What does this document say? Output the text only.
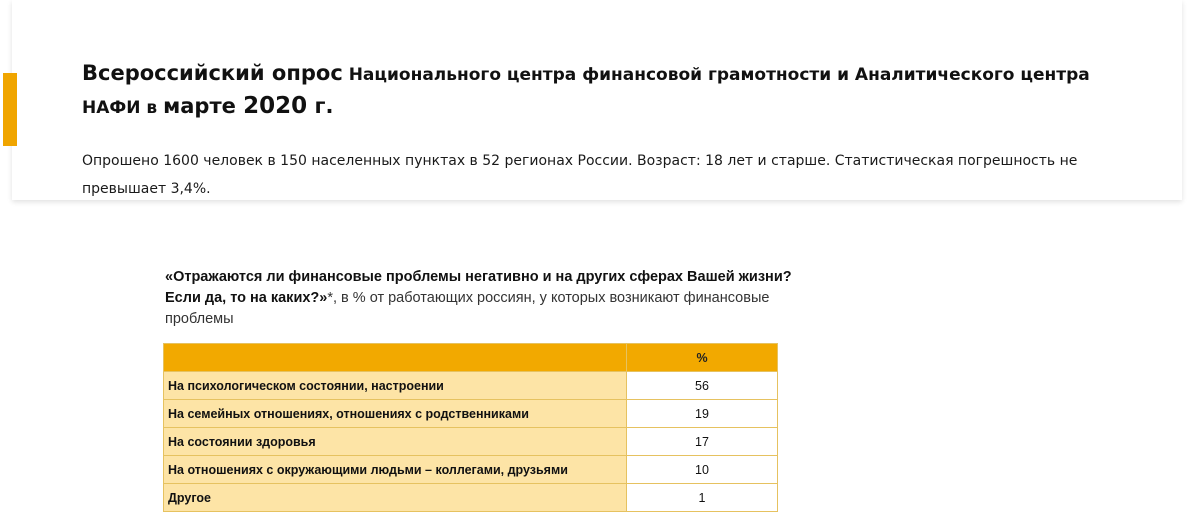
Всероссийский опрос Национального центра финансовой грамотности и Аналитического центра НАФИ в марте 2020 г.
Опрошено 1600 человек в 150 населенных пунктах в 52 регионах России. Возраст: 18 лет и старше. Статистическая погрешность не превышает 3,4%.
«Отражаются ли финансовые проблемы негативно и на других сферах Вашей жизни? Если да, то на каких?»*, в % от работающих россиян, у которых возникают финансовые проблемы
	%
На психологическом состоянии, настроении	56
На семейных отношениях, отношениях с родственниками	19
На состоянии здоровья	17
На отношениях с окружающими людьми – коллегами, друзьями	10
Другое	1
